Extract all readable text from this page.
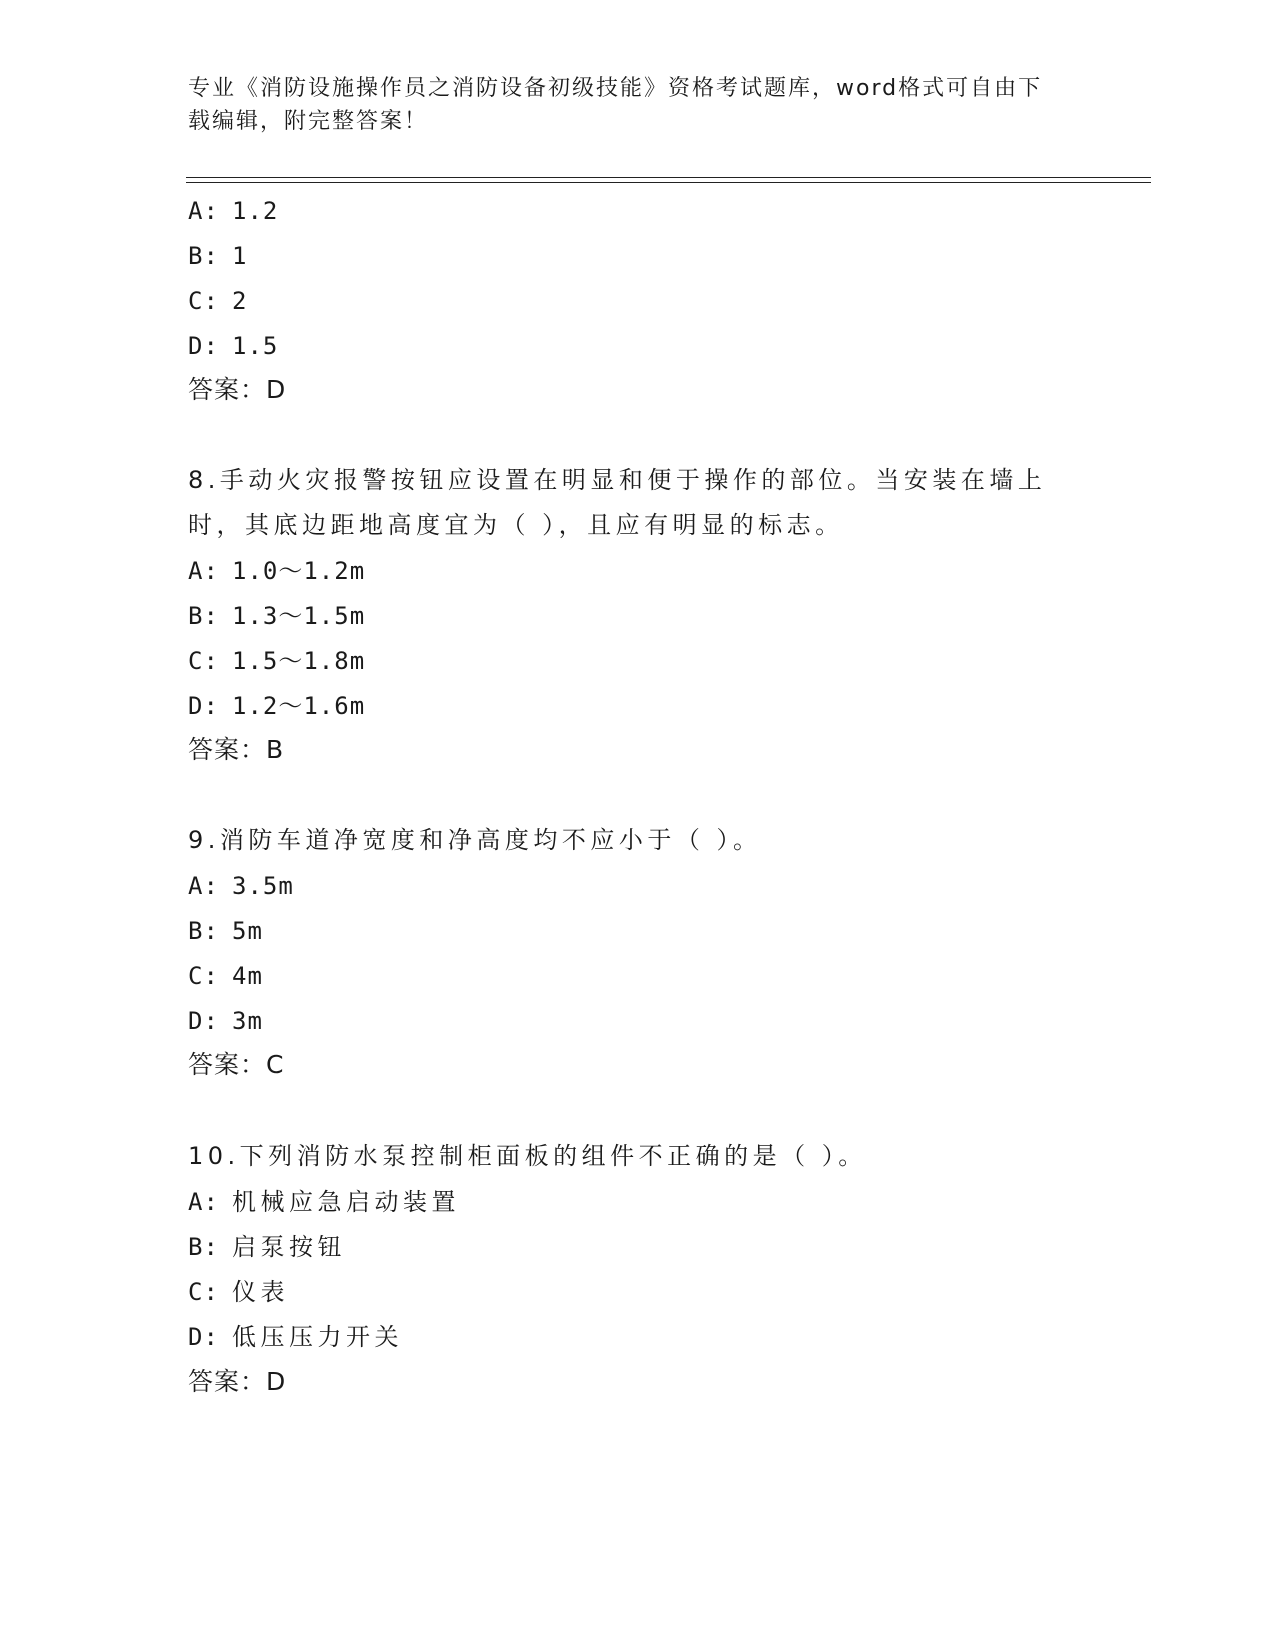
专业《消防设施操作员之消防设备初级技能》资格考试题库，word格式可自由下
载编辑，附完整答案！
A: 1.2
B: 1
C: 2
D: 1.5
答案：D
8.手动火灾报警按钮应设置在明显和便于操作的部位。当安装在墙上
时，其底边距地高度宜为（ ），且应有明显的标志。
A: 1.0～1.2m
B: 1.3～1.5m
C: 1.5～1.8m
D: 1.2～1.6m
答案：B
9.消防车道净宽度和净高度均不应小于（ ）。
A: 3.5m
B: 5m
C: 4m
D: 3m
答案：C
10.下列消防水泵控制柜面板的组件不正确的是（ ）。
A: 机械应急启动装置
B: 启泵按钮
C: 仪表
D: 低压压力开关
答案：D
